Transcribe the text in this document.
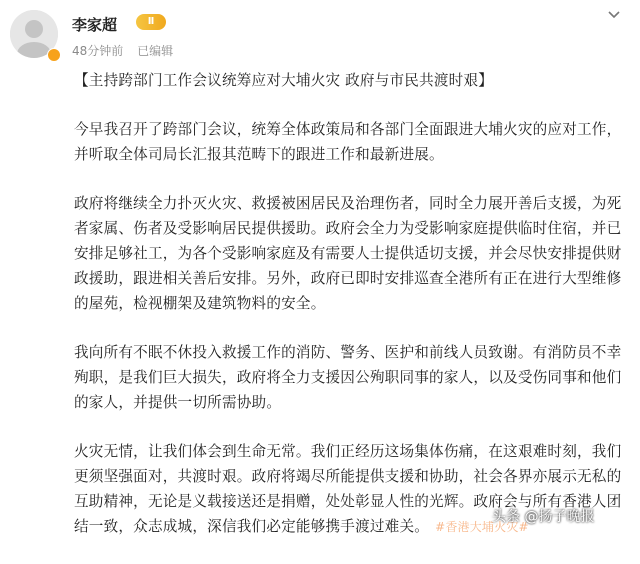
李家超	Ⅱ
48分钟前 已编辑

【主持跨部门工作会议统筹应对大埔火灾 政府与市民共渡时艰】

今早我召开了跨部门会议，统筹全体政策局和各部门全面跟进大埔火灾的应对工作，并听取全体司局长汇报其范畴下的跟进工作和最新进展。

政府将继续全力扑灭火灾、救援被困居民及治理伤者，同时全力展开善后支援，为死者家属、伤者及受影响居民提供援助。政府会全力为受影响家庭提供临时住宿，并已安排足够社工，为各个受影响家庭及有需要人士提供适切支援，并会尽快安排提供财政援助，跟进相关善后安排。另外，政府已即时安排巡查全港所有正在进行大型维修的屋苑，检视棚架及建筑物料的安全。

我向所有不眠不休投入救援工作的消防、警务、医护和前线人员致谢。有消防员不幸殉职，是我们巨大损失，政府将全力支援因公殉职同事的家人，以及受伤同事和他们的家人，并提供一切所需协助。

火灾无情，让我们体会到生命无常。我们正经历这场集体伤痛，在这艰难时刻，我们更须坚强面对，共渡时艰。政府将竭尽所能提供支援和协助，社会各界亦展示无私的互助精神，无论是义载接送还是捐赠，处处彰显人性的光辉。政府会与所有香港人团结一致，众志成城，深信我们必定能够携手渡过难关。 #香港大埔火灾#

头条 @扬子晚报
